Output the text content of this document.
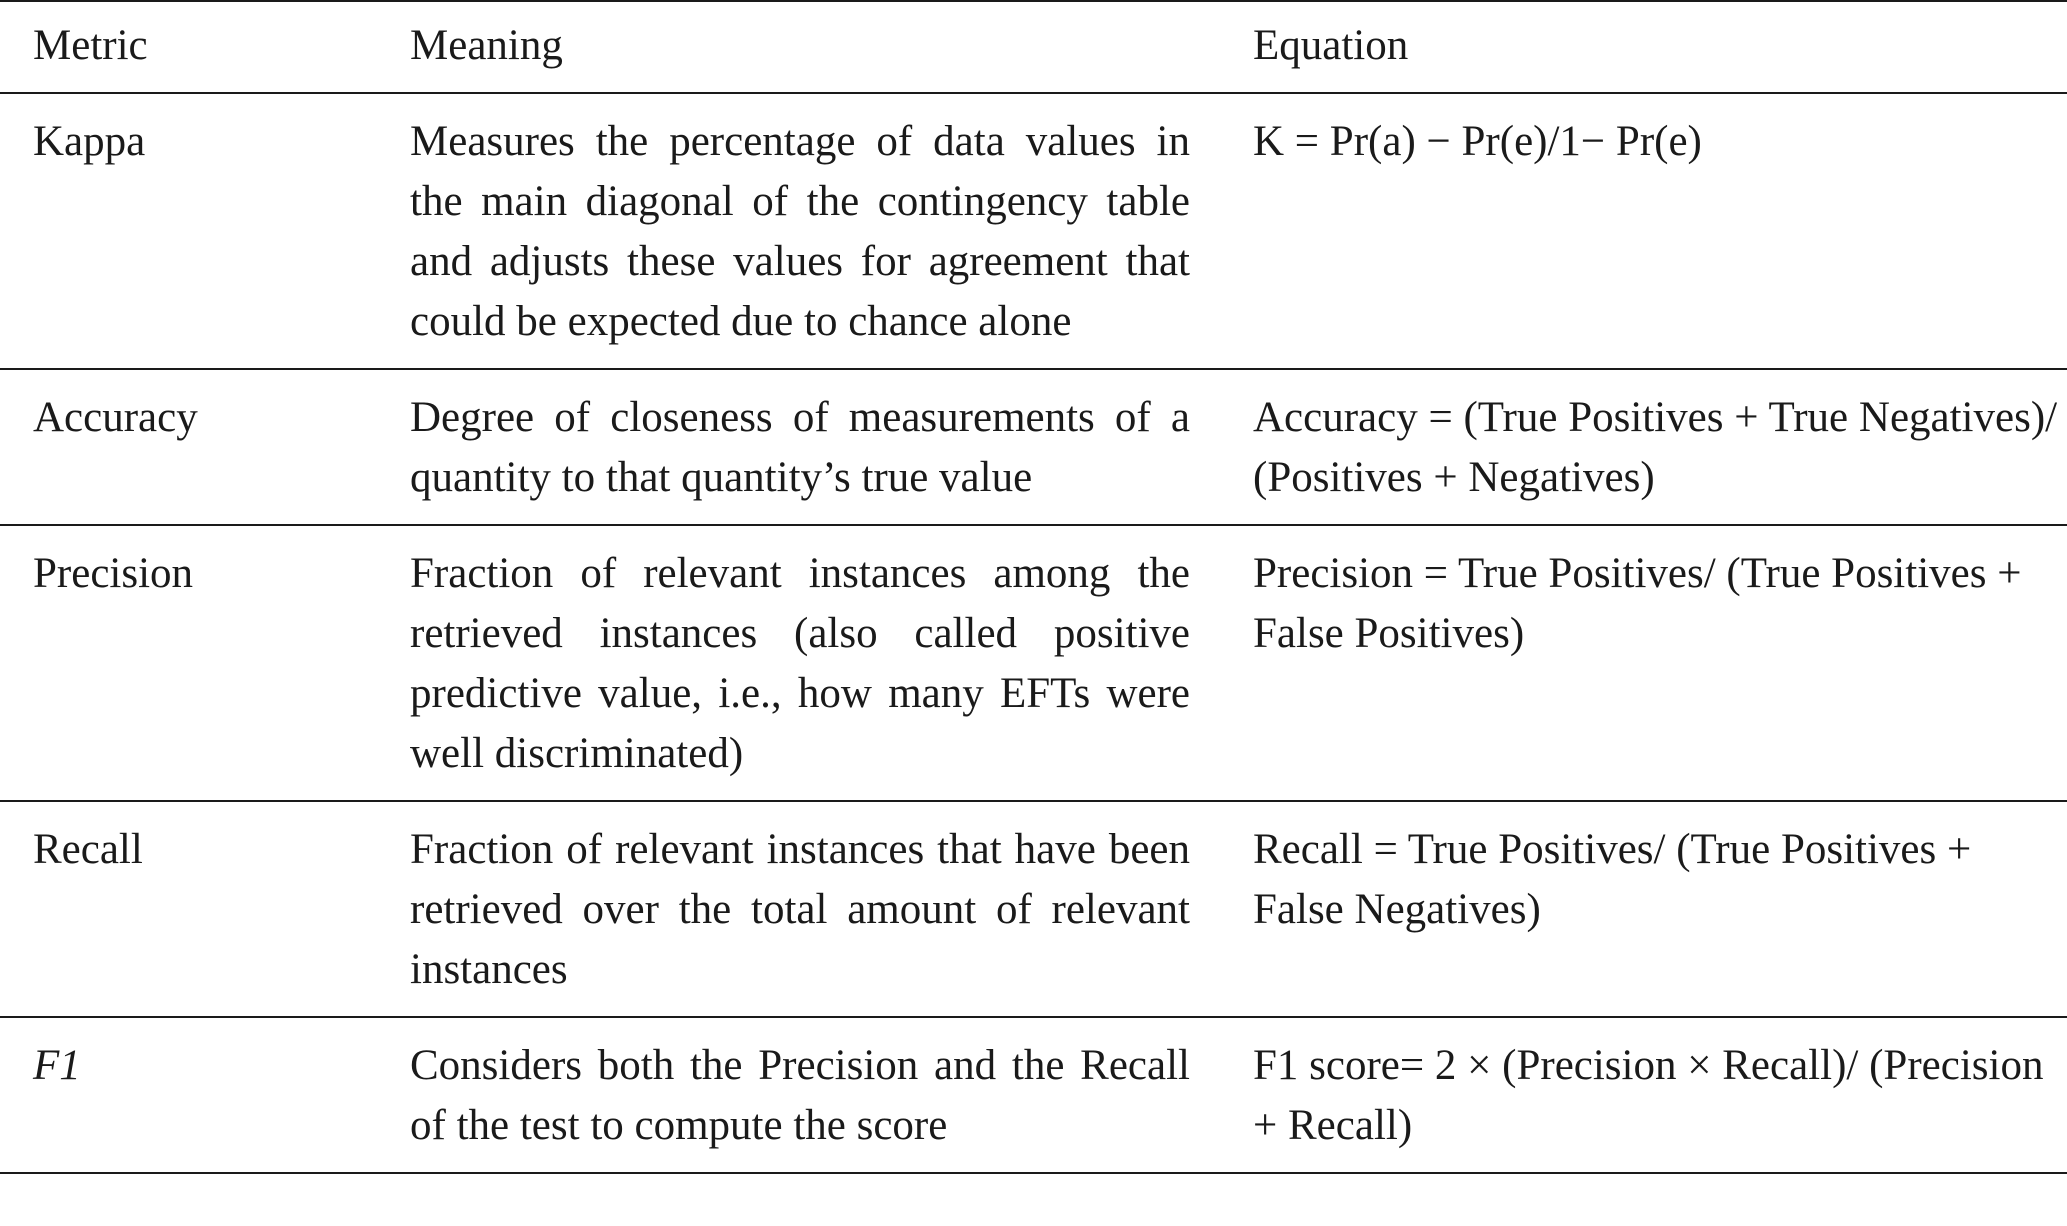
Metric	Meaning	Equation
Kappa	Measures the percentage of data values in the main diagonal of the contingency table and adjusts these values for agreement that could be expected due to chance alone	K = Pr(a) − Pr(e)/1− Pr(e)
Accuracy	Degree of closeness of measurements of a quantity to that quantity’s true value	Accuracy = (True Positives + True Negatives)/ (Positives + Negatives)
Precision	Fraction of relevant instances among the retrieved instances (also called positive predictive value, i.e., how many EFTs were well discriminated)	Precision = True Positives/ (True Positives + False Positives)
Recall	Fraction of relevant instances that have been retrieved over the total amount of relevant instances	Recall = True Positives/ (True Positives + False Negatives)
F1	Considers both the Precision and the Recall of the test to compute the score	F1 score= 2 × (Precision × Recall)/ (Precision + Recall)
